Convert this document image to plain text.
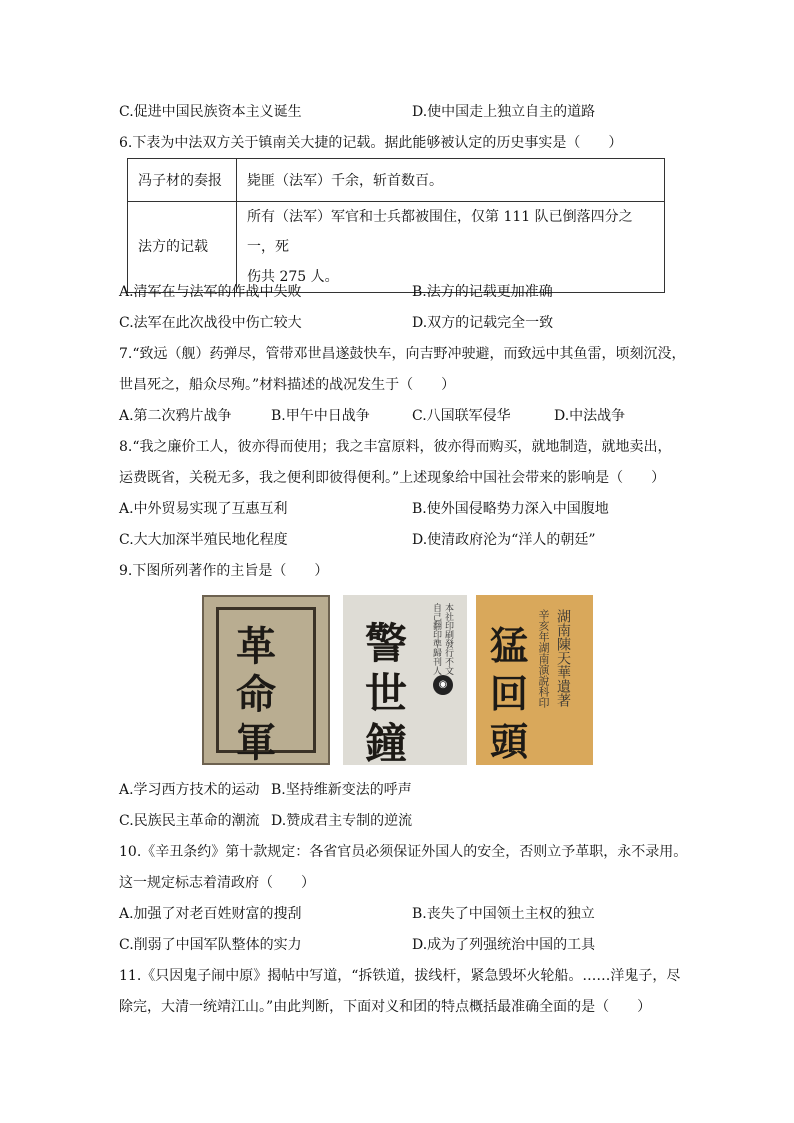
C.促进中国民族资本主义诞生	D.使中国走上独立自主的道路
6.下表为中法双方关于镇南关大捷的记载。据此能够被认定的历史事实是（　　）
冯子材的奏报	毙匪（法军）千余，斩首数百。
法方的记载	所有（法军）军官和士兵都被围住，仅第 111 队已倒落四分之一，死
伤共 275 人。
A.清军在与法军的作战中失败	B.法方的记载更加准确
C.法军在此次战役中伤亡较大	D.双方的记载完全一致
7.“致远（舰）药弹尽，管带邓世昌遂鼓快车，向吉野冲驶避，而致远中其鱼雷，顷刻沉没，
世昌死之，船众尽殉。”材料描述的战况发生于（　　）
A.第二次鸦片战争	B.甲午中日战争	C.八国联军侵华	D.中法战争
8.“我之廉价工人，彼亦得而使用；我之丰富原料，彼亦得而购买，就地制造，就地卖出，
运费既省，关税无多，我之便利即彼得便利。”上述现象给中国社会带来的影响是（　　）
A.中外贸易实现了互惠互利	B.使外国侵略势力深入中国腹地
C.大大加深半殖民地化程度	D.使清政府沦为“洋人的朝廷”
9.下图所列著作的主旨是（　　）
革
命
軍
警
世
鐘
本社印刷發行不文
自己翻印準歸刊人
◉
猛
回
頭
湖南陳天華遺著
辛亥年湖南演說科印
A.学习西方技术的运动 B.坚持维新变法的呼声
C.民族民主革命的潮流 D.赞成君主专制的逆流
10.《辛丑条约》第十款规定：各省官员必须保证外国人的安全，否则立予革职，永不录用。
这一规定标志着清政府（　　）
A.加强了对老百姓财富的搜刮	B.丧失了中国领土主权的独立
C.削弱了中国军队整体的实力	D.成为了列强统治中国的工具
11.《只因鬼子闹中原》揭帖中写道，“拆铁道，拔线杆，紧急毁坏火轮船。……洋鬼子，尽
除完，大清一统靖江山。”由此判断，下面对义和团的特点概括最准确全面的是（　　）
